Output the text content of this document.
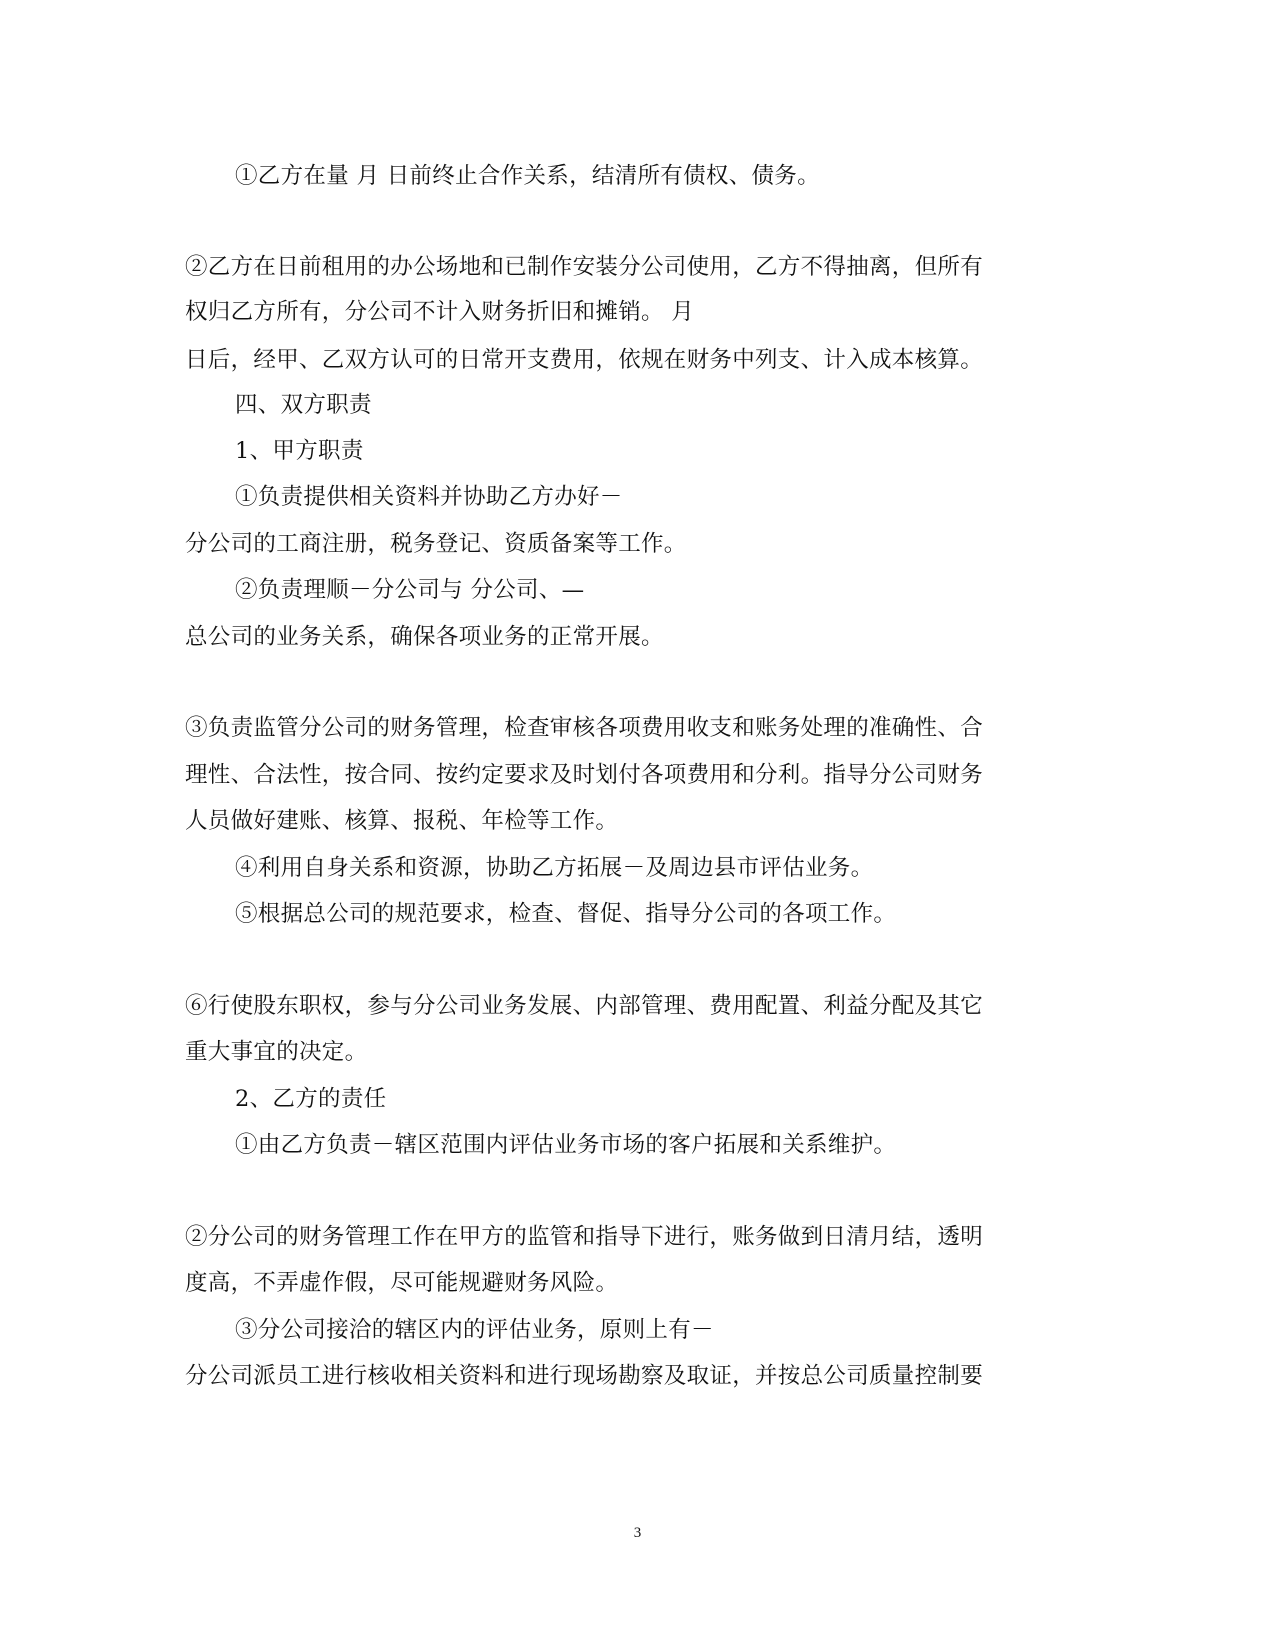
①乙方在量 月 日前终止合作关系，结清所有债权、债务。
②乙方在日前租用的办公场地和已制作安装分公司使用，乙方不得抽离，但所有
权归乙方所有，分公司不计入财务折旧和摊销。 月
日后，经甲、乙双方认可的日常开支费用，依规在财务中列支、计入成本核算。
四、双方职责
1、甲方职责
①负责提供相关资料并协助乙方办好－
分公司的工商注册，税务登记、资质备案等工作。
②负责理顺－分公司与 分公司、—
总公司的业务关系，确保各项业务的正常开展。
③负责监管分公司的财务管理，检查审核各项费用收支和账务处理的准确性、合
理性、合法性，按合同、按约定要求及时划付各项费用和分利。指导分公司财务
人员做好建账、核算、报税、年检等工作。
④利用自身关系和资源，协助乙方拓展－及周边县市评估业务。
⑤根据总公司的规范要求，检查、督促、指导分公司的各项工作。
⑥行使股东职权，参与分公司业务发展、内部管理、费用配置、利益分配及其它
重大事宜的决定。
2、乙方的责任
①由乙方负责－辖区范围内评估业务市场的客户拓展和关系维护。
②分公司的财务管理工作在甲方的监管和指导下进行，账务做到日清月结，透明
度高，不弄虚作假，尽可能规避财务风险。
③分公司接洽的辖区内的评估业务，原则上有－
分公司派员工进行核收相关资料和进行现场勘察及取证，并按总公司质量控制要
3
